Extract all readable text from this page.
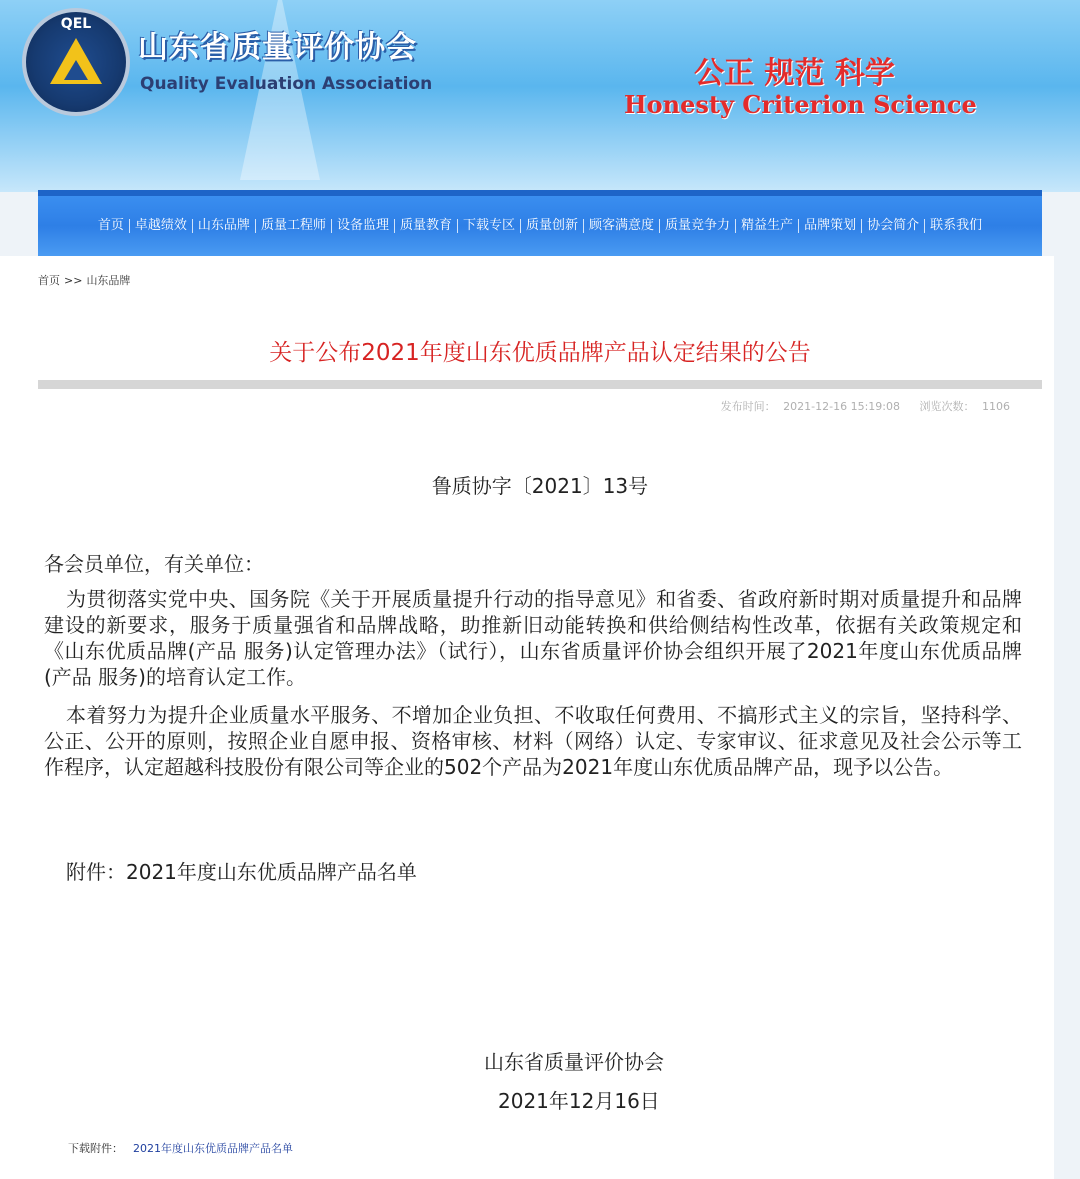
QEL
山东省质量评价协会
Quality Evaluation Association	公正 规范 科学
Honesty Criterion Science
首页 卓越绩效 山东品牌 质量工程师 设备监理 质量教育 下载专区 质量创新 顾客满意度 质量竞争力 精益生产 品牌策划 协会简介 联系我们
首页 >> 山东品牌
关于公布2021年度山东优质品牌产品认定结果的公告
发布时间： 2021-12-16 15:19:08 浏览次数： 1106
鲁质协字〔2021〕13号
各会员单位，有关单位：
为贯彻落实党中央、国务院《关于开展质量提升行动的指导意见》和省委、省政府新时期对质量提升和品牌建设的新要求，服务于质量强省和品牌战略，助推新旧动能转换和供给侧结构性改革，依据有关政策规定和《山东优质品牌(产品 服务)认定管理办法》（试行），山东省质量评价协会组织开展了2021年度山东优质品牌(产品 服务)的培育认定工作。
本着努力为提升企业质量水平服务、不增加企业负担、不收取任何费用、不搞形式主义的宗旨，坚持科学、公正、公开的原则，按照企业自愿申报、资格审核、材料（网络）认定、专家审议、征求意见及社会公示等工作程序，认定超越科技股份有限公司等企业的502个产品为2021年度山东优质品牌产品，现予以公告。
附件：2021年度山东优质品牌产品名单
山东省质量评价协会
2021年12月16日
下载附件： 2021年度山东优质品牌产品名单
